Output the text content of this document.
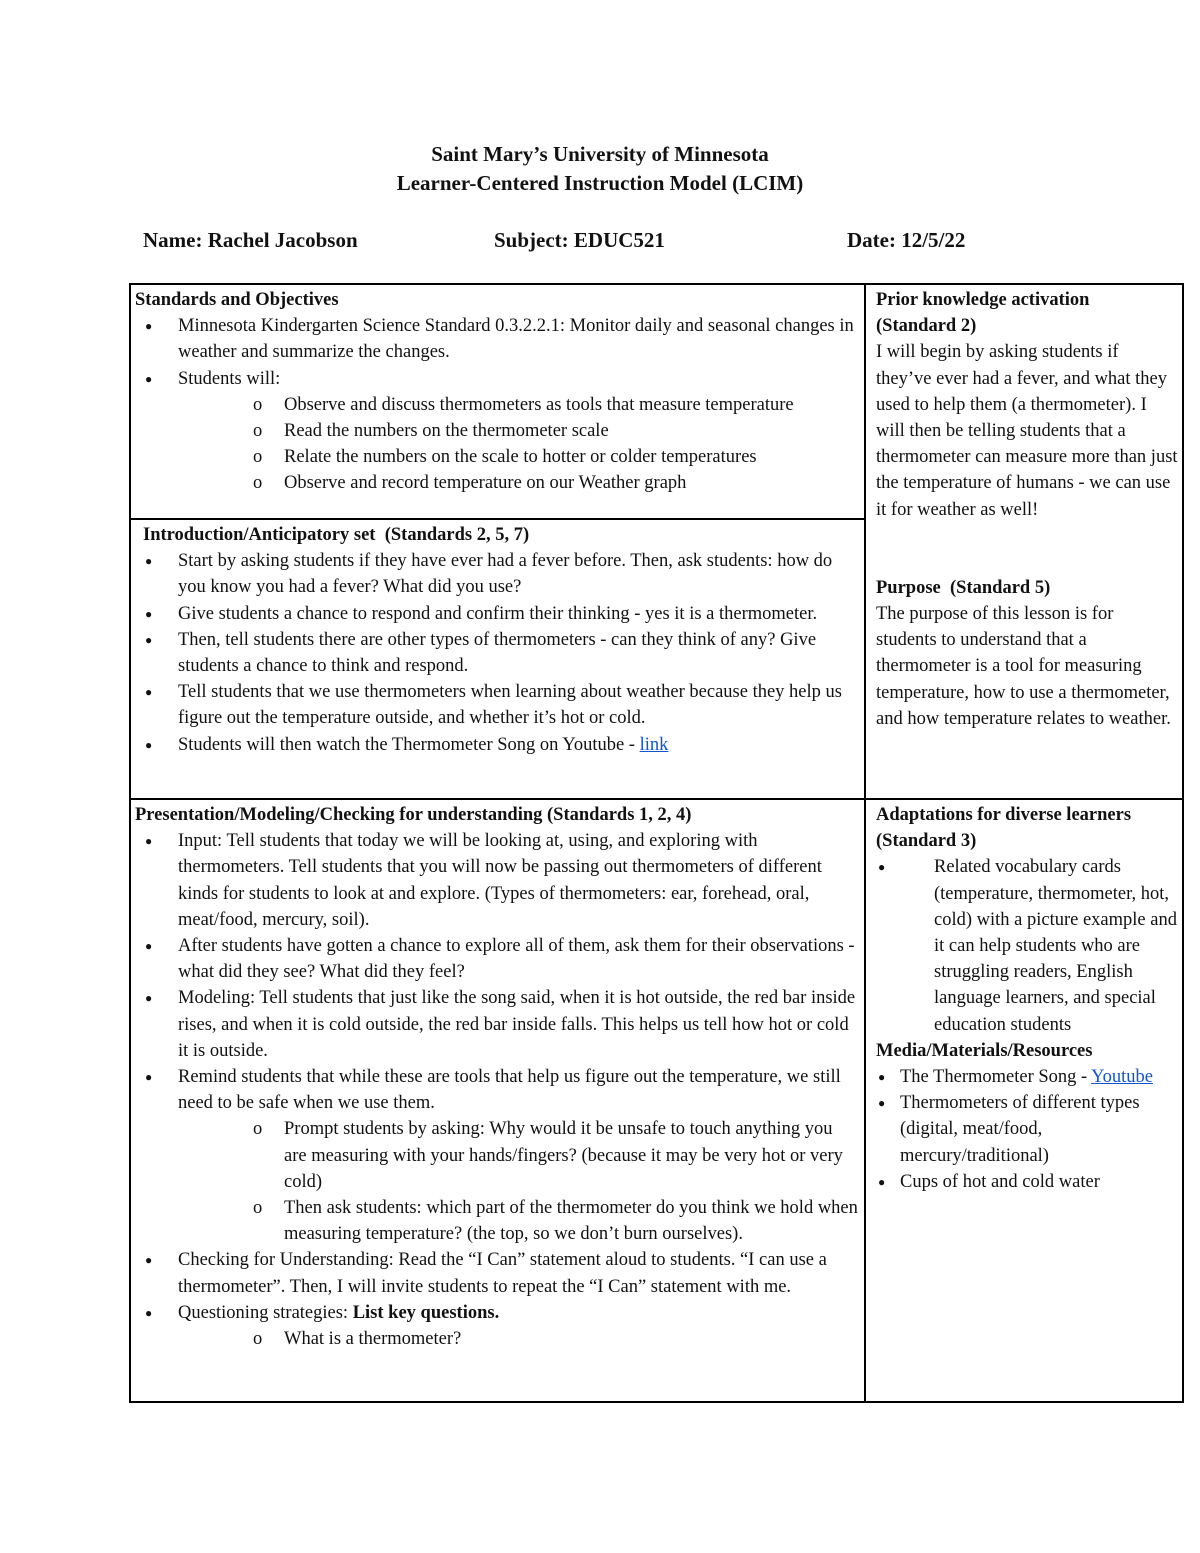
Saint Mary’s University of Minnesota
Learner-Centered Instruction Model (LCIM)
Name: Rachel Jacobson	Subject: EDUC521	Date: 12/5/22
Standards and Objectives
● Minnesota Kindergarten Science Standard 0.3.2.2.1: Monitor daily and seasonal changes in weather and summarize the changes.
● Students will:
o Observe and discuss thermometers as tools that measure temperature
o Read the numbers on the thermometer scale
o Relate the numbers on the scale to hotter or colder temperatures
o Observe and record temperature on our Weather graph
Introduction/Anticipatory set (Standards 2, 5, 7)
● Start by asking students if they have ever had a fever before. Then, ask students: how do you know you had a fever? What did you use?
● Give students a chance to respond and confirm their thinking - yes it is a thermometer.
● Then, tell students there are other types of thermometers - can they think of any? Give students a chance to think and respond.
● Tell students that we use thermometers when learning about weather because they help us figure out the temperature outside, and whether it’s hot or cold.
● Students will then watch the Thermometer Song on Youtube - link
Presentation/Modeling/Checking for understanding (Standards 1, 2, 4)
● Input: Tell students that today we will be looking at, using, and exploring with thermometers. Tell students that you will now be passing out thermometers of different kinds for students to look at and explore. (Types of thermometers: ear, forehead, oral, meat/food, mercury, soil).
● After students have gotten a chance to explore all of them, ask them for their observations - what did they see? What did they feel?
● Modeling: Tell students that just like the song said, when it is hot outside, the red bar inside rises, and when it is cold outside, the red bar inside falls. This helps us tell how hot or cold it is outside.
● Remind students that while these are tools that help us figure out the temperature, we still need to be safe when we use them.
o Prompt students by asking: Why would it be unsafe to touch anything you are measuring with your hands/fingers? (because it may be very hot or very cold)
o Then ask students: which part of the thermometer do you think we hold when measuring temperature? (the top, so we don’t burn ourselves).
● Checking for Understanding: Read the “I Can” statement aloud to students. “I can use a thermometer”. Then, I will invite students to repeat the “I Can” statement with me.
● Questioning strategies: List key questions.
o What is a thermometer?
Prior knowledge activation
(Standard 2)
I will begin by asking students if they’ve ever had a fever, and what they used to help them (a thermometer). I will then be telling students that a thermometer can measure more than just the temperature of humans - we can use it for weather as well!
Purpose (Standard 5)
The purpose of this lesson is for students to understand that a thermometer is a tool for measuring temperature, how to use a thermometer, and how temperature relates to weather.
Adaptations for diverse learners
(Standard 3)
● Related vocabulary cards (temperature, thermometer, hot, cold) with a picture example and it can help students who are struggling readers, English language learners, and special education students
Media/Materials/Resources
● The Thermometer Song - Youtube
● Thermometers of different types (digital, meat/food, mercury/traditional)
● Cups of hot and cold water
